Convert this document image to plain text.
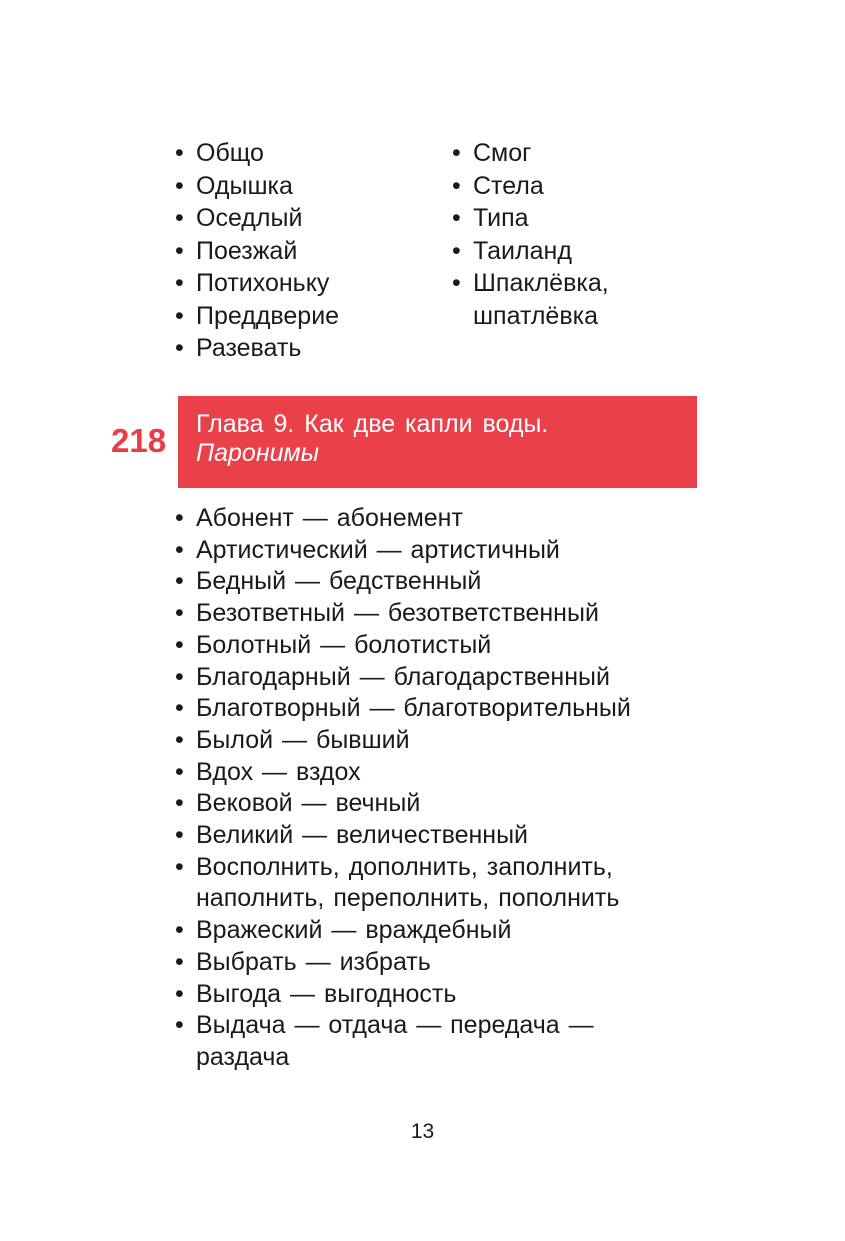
• Общо
• Одышка
• Оседлый
• Поезжай
• Потихоньку
• Преддверие
• Разевать
• Смог
• Стела
• Типа
• Таиланд
• Шпаклёвка, шпатлёвка
218 Глава 9. Как две капли воды.
Паронимы
• Абонент — абонемент
• Артистический — артистичный
• Бедный — бедственный
• Безответный — безответственный
• Болотный — болотистый
• Благодарный — благодарственный
• Благотворный — благотворительный
• Былой — бывший
• Вдох — вздох
• Вековой — вечный
• Великий — величественный
• Восполнить, дополнить, заполнить, наполнить, переполнить, пополнить
• Вражеский — враждебный
• Выбрать — избрать
• Выгода — выгодность
• Выдача — отдача — передача — раздача
13
